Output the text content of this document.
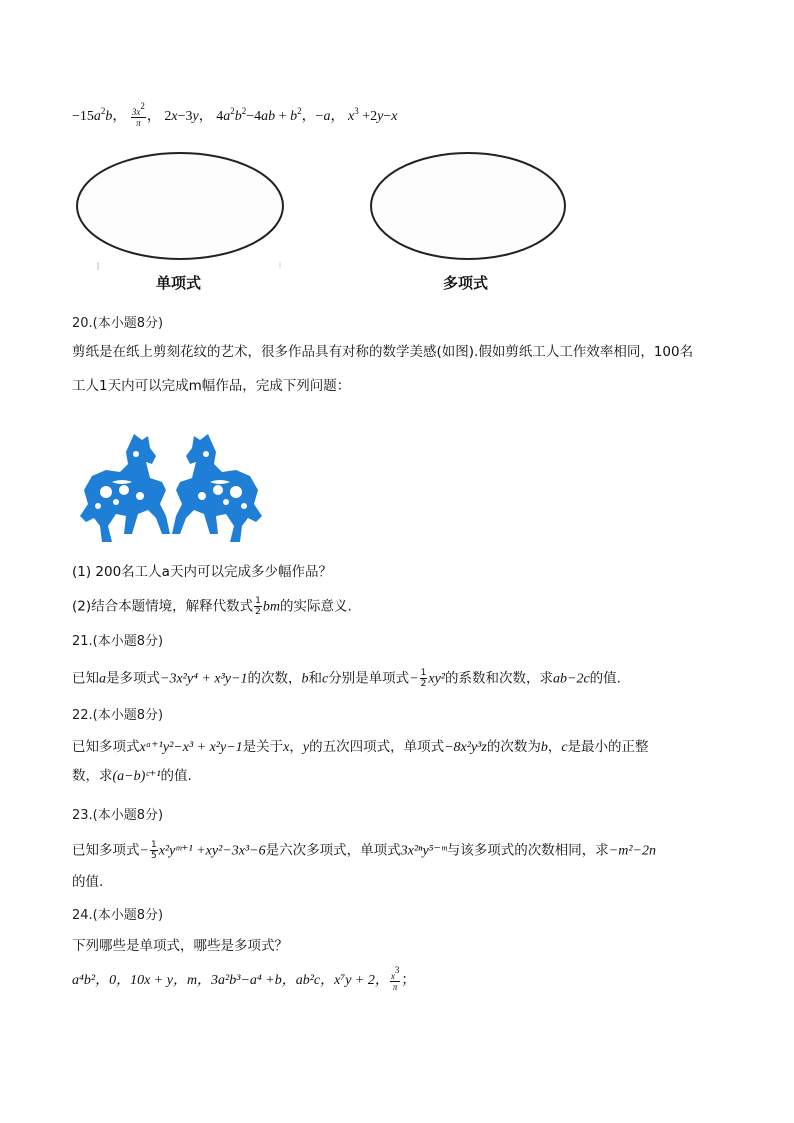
$-15a^2b$， $\frac{3x^2}{\pi}$ ， 2x−3y， $4a^2b^2-4ab + b^2$，−a， $x^3 +2y-x$
单项式	多项式
20.(本小题8分)
剪纸是在纸上剪刻花纹的艺术，很多作品具有对称的数学美感(如图).假如剪纸工人工作效率相同，100名
工人1天内可以完成m幅作品，完成下列问题：
(1) 200名工人a天内可以完成多少幅作品？
(2)结合本题情境，解释代数式 $\frac{1}{2}$ bm的实际意义.
21.(本小题8分)
已知a是多项式−3x²y⁴ + x³y−1的次数，b和c分别是单项式− $\frac{1}{2} xy^2$的系数和次数，求ab−2c的值.
22.(本小题8分)
已知多项式xᵃ⁺¹y²−x³ + x²y−1是关于x，y的五次四项式，单项式−8x²y³z的次数为b，c是最小的正整
数，求(a−b)ᶜ⁺¹的值.
23.(本小题8分)
已知多项式− $\frac{1}{5}$ x²yᵐ⁺¹ +xy²−3x³−6是六次多项式，单项式3x²ⁿy⁵⁻ᵐ与该多项式的次数相同，求−m²−2n
的值.
24.(本小题8分)
下列哪些是单项式，哪些是多项式？
a⁴b²，0，10x + y，m，3a²b³−a⁴ +b，ab²c，x⁷y + 2， $\frac{x^3}{\pi}$ ；
